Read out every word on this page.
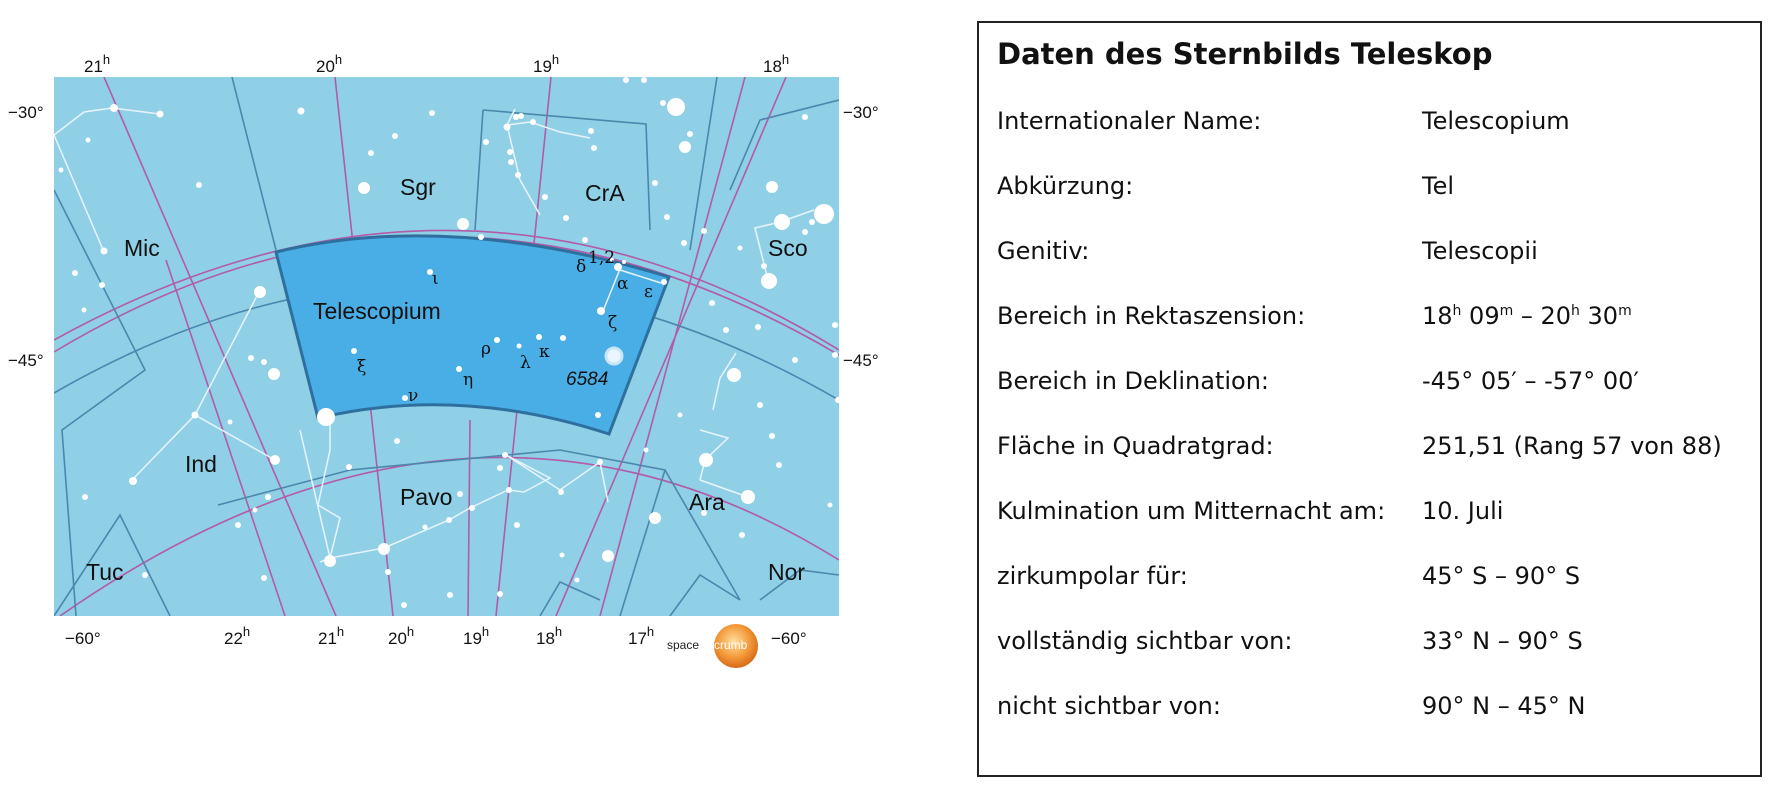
Mic
Sgr	CrA
Sco
Telescopium
Ind
Pavo	Ara
Tuc	Nor
ι
δ 1,2
α ε
ζ
ρ
λ
κ
ξ
η
ν
6584
21$^h$	20$^h$	19$^h$	$18^h$
−30°
−45°
−30°
−45°
−60°	−60°
22$^h$	21$^h$	20$^h$	19$^h$	18$^h$	17$^h$
space crumb
Daten des Sternbilds Teleskop
Internationaler Name:	Telescopium
Abkürzung:	Tel
Genitiv:	Telescopii
Bereich in Rektaszension:	18$^h$ 09$^m$ – 20$^h$ 30$^m$
Bereich in Deklination:	-45° 05′ – -57° 00′
Fläche in Quadratgrad:	251,51 (Rang 57 von 88)
Kulmination um Mitternacht am: 10. Juli
zirkumpolar für:	45° S – 90° S
vollständig sichtbar von:	33° N – 90° S
nicht sichtbar von:	90° N – 45° N
